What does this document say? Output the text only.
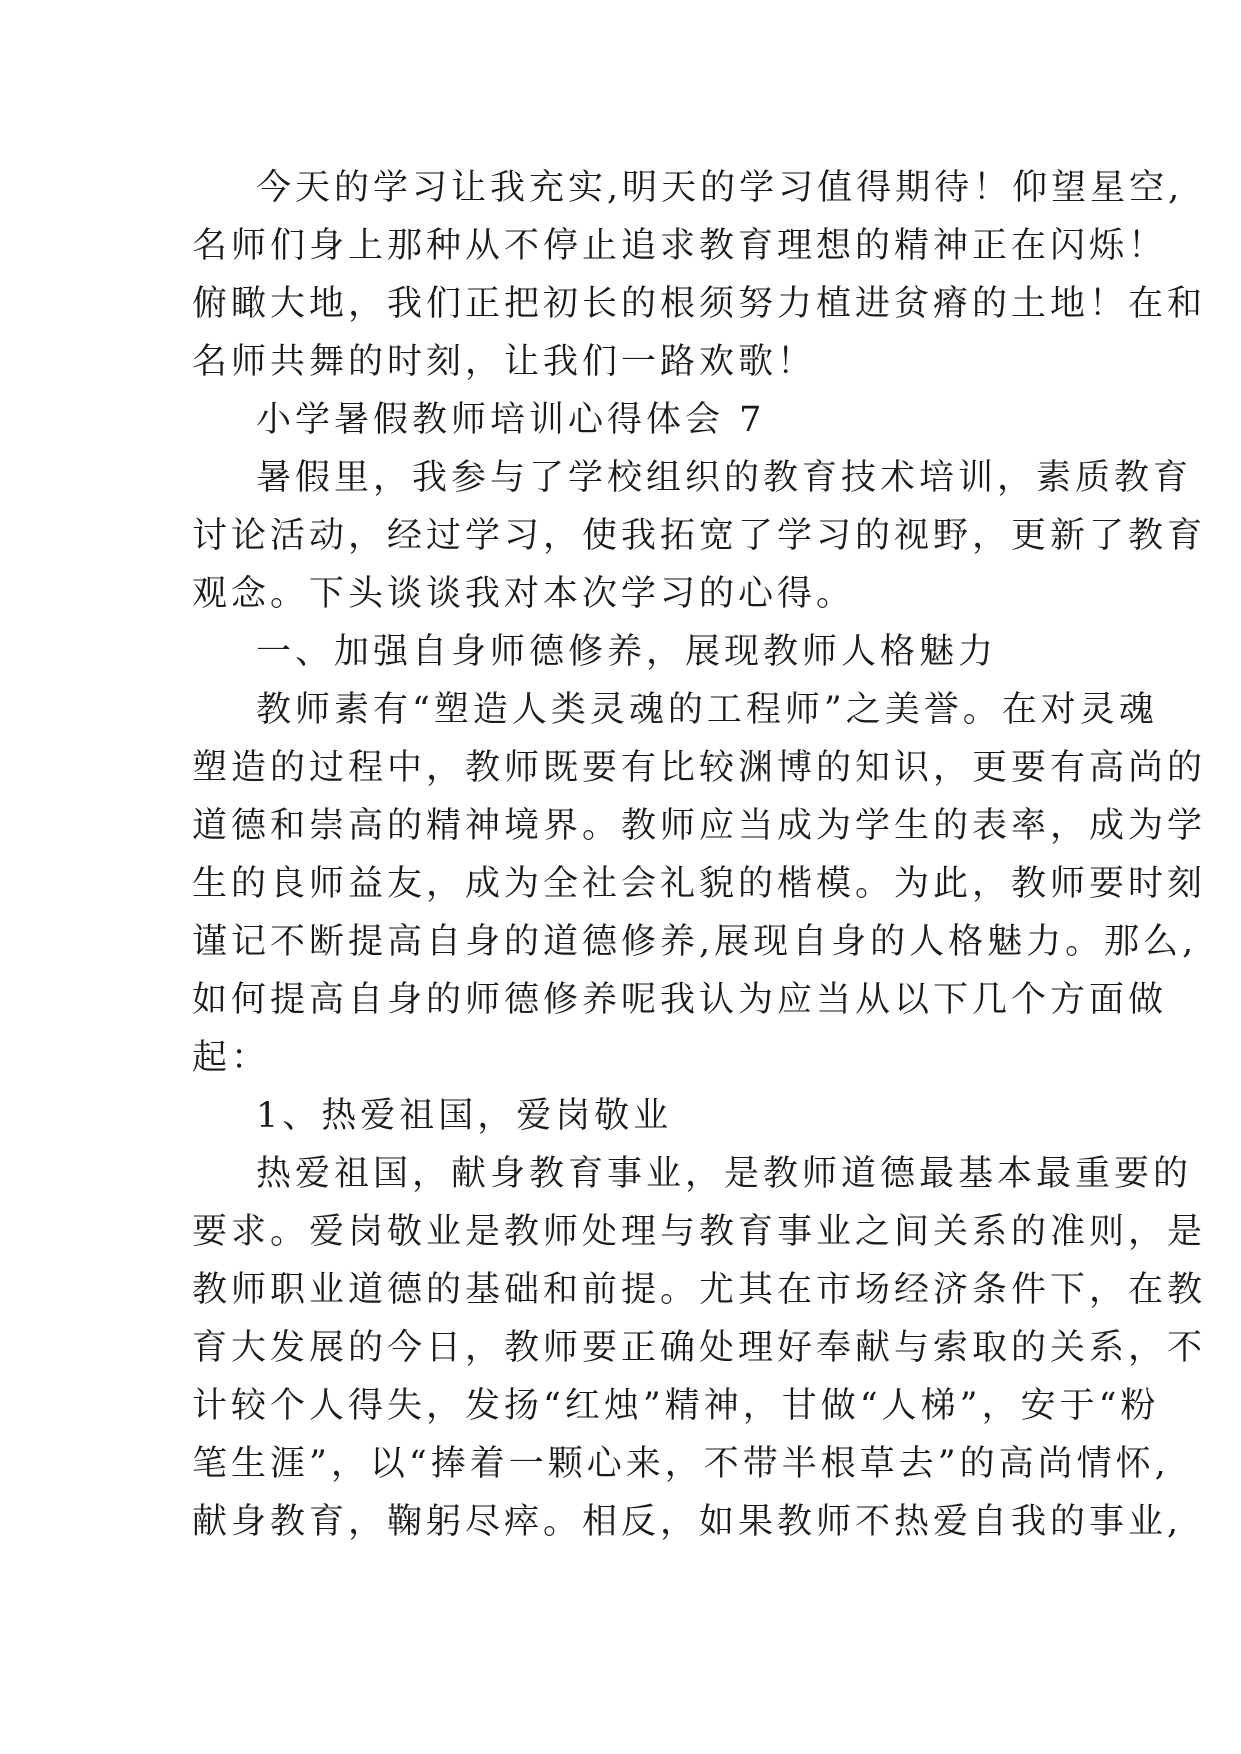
今天的学习让我充实,明天的学习值得期待！仰望星空,
名师们身上那种从不停止追求教育理想的精神正在闪烁！
俯瞰大地，我们正把初长的根须努力植进贫瘠的土地！在和
名师共舞的时刻，让我们一路欢歌！
小学暑假教师培训心得体会 7
暑假里，我参与了学校组织的教育技术培训，素质教育
讨论活动，经过学习，使我拓宽了学习的视野，更新了教育
观念。下头谈谈我对本次学习的心得。
一、加强自身师德修养，展现教师人格魅力
教师素有“塑造人类灵魂的工程师”之美誉。在对灵魂
塑造的过程中，教师既要有比较渊博的知识，更要有高尚的
道德和崇高的精神境界。教师应当成为学生的表率，成为学
生的良师益友，成为全社会礼貌的楷模。为此，教师要时刻
谨记不断提高自身的道德修养,展现自身的人格魅力。那么,
如何提高自身的师德修养呢我认为应当从以下几个方面做
起：
1、热爱祖国，爱岗敬业
热爱祖国，献身教育事业，是教师道德最基本最重要的
要求。爱岗敬业是教师处理与教育事业之间关系的准则，是
教师职业道德的基础和前提。尤其在市场经济条件下，在教
育大发展的今日，教师要正确处理好奉献与索取的关系，不
计较个人得失，发扬“红烛”精神，甘做“人梯”，安于“粉
笔生涯”，以“捧着一颗心来，不带半根草去”的高尚情怀,
献身教育，鞠躬尽瘁。相反，如果教师不热爱自我的事业,
